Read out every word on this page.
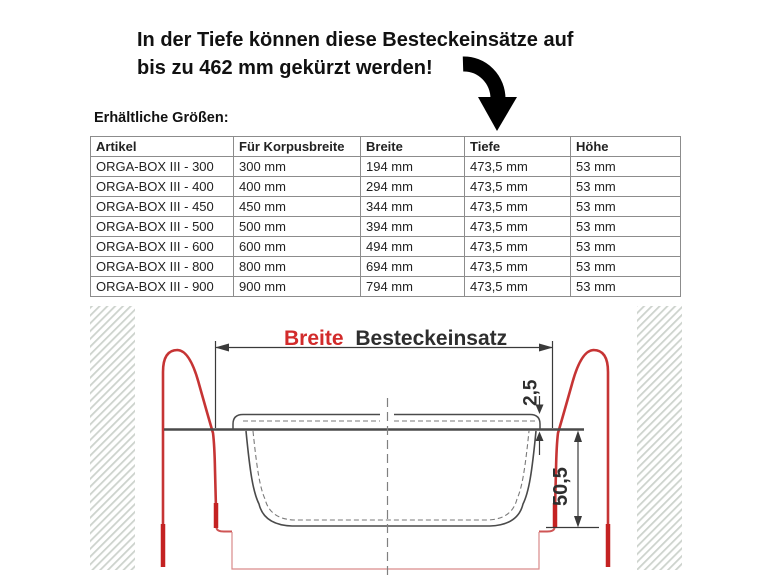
In der Tiefe können diese Besteckeinsätze auf
bis zu 462 mm gekürzt werden!
Erhältliche Größen:
Artikel	Für Korpusbreite	Breite	Tiefe	Höhe
ORGA-BOX III - 300	300 mm	194 mm	473,5 mm	53 mm
ORGA-BOX III - 400	400 mm	294 mm	473,5 mm	53 mm
ORGA-BOX III - 450	450 mm	344 mm	473,5 mm	53 mm
ORGA-BOX III - 500	500 mm	394 mm	473,5 mm	53 mm
ORGA-BOX III - 600	600 mm	494 mm	473,5 mm	53 mm
ORGA-BOX III - 800	800 mm	694 mm	473,5 mm	53 mm
ORGA-BOX III - 900	900 mm	794 mm	473,5 mm	53 mm
Breite Besteckeinsatz
2,5
50,5
